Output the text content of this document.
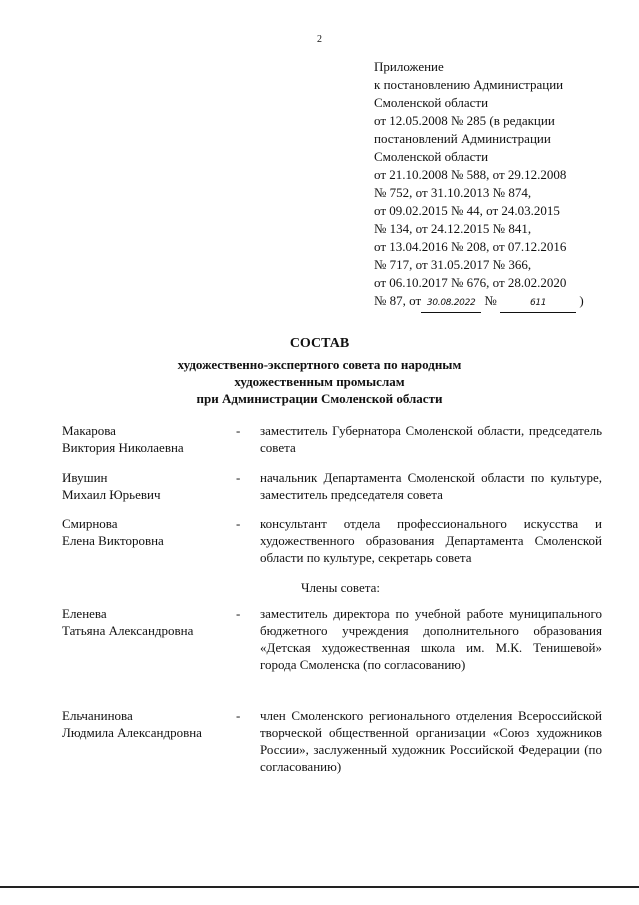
2
Приложение
к постановлению Администрации
Смоленской области
от 12.05.2008 № 285 (в редакции
постановлений Администрации
Смоленской области
от 21.10.2008 № 588, от 29.12.2008
№ 752, от 31.10.2013 № 874,
от 09.02.2015 № 44, от 24.03.2015
№ 134, от 24.12.2015 № 841,
от 13.04.2016 № 208, от 07.12.2016
№ 717, от 31.05.2017 № 366,
от 06.10.2017 № 676, от 28.02.2020
№ 87, от 30.08.2022 №	611	)
СОСТАВ
художественно-экспертного совета по народным
художественным промыслам
при Администрации Смоленской области
Макарова
Виктория Николаевна
- заместитель Губернатора Смоленской области, председатель совета
Ивушин
Михаил Юрьевич
- начальник Департамента Смоленской области по культуре, заместитель председателя совета
Смирнова
Елена Викторовна
- консультант отдела профессионального искусства и художественного образования Департамента Смоленской области по культуре, секретарь совета
Члены совета:
Еленева
Татьяна Александровна
- заместитель директора по учебной работе муниципального бюджетного учреждения дополнительного образования «Детская художественная школа им. М.К. Тенишевой» города Смоленска (по согласованию)
Ельчанинова
Людмила Александровна
- член Смоленского регионального отделения Всероссийской творческой общественной организации «Союз художников России», заслуженный художник Российской Федерации (по согласованию)
